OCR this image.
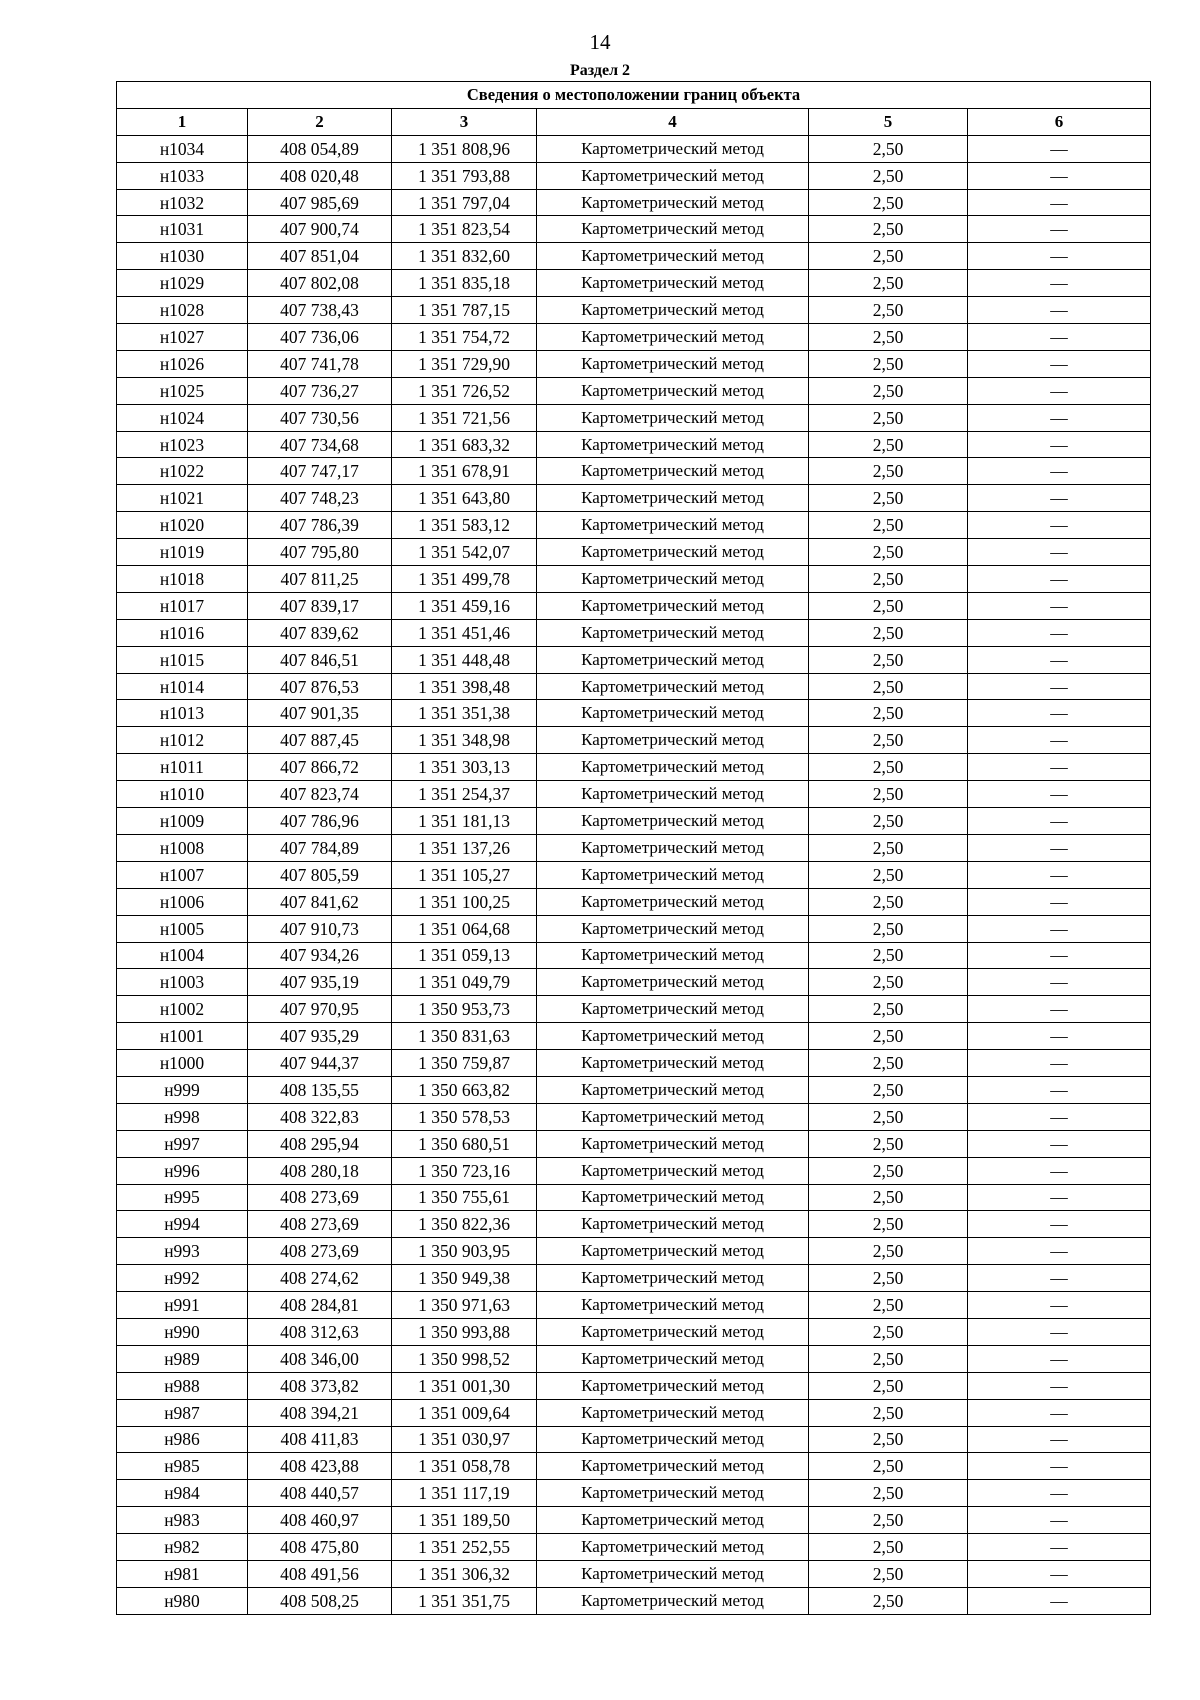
14
Раздел 2
Сведения о местоположении границ объекта					
1	2	3	4	5	6
н1034	408 054,89	1 351 808,96	Картометрический метод	2,50	—
н1033	408 020,48	1 351 793,88	Картометрический метод	2,50	—
н1032	407 985,69	1 351 797,04	Картометрический метод	2,50	—
н1031	407 900,74	1 351 823,54	Картометрический метод	2,50	—
н1030	407 851,04	1 351 832,60	Картометрический метод	2,50	—
н1029	407 802,08	1 351 835,18	Картометрический метод	2,50	—
н1028	407 738,43	1 351 787,15	Картометрический метод	2,50	—
н1027	407 736,06	1 351 754,72	Картометрический метод	2,50	—
н1026	407 741,78	1 351 729,90	Картометрический метод	2,50	—
н1025	407 736,27	1 351 726,52	Картометрический метод	2,50	—
н1024	407 730,56	1 351 721,56	Картометрический метод	2,50	—
н1023	407 734,68	1 351 683,32	Картометрический метод	2,50	—
н1022	407 747,17	1 351 678,91	Картометрический метод	2,50	—
н1021	407 748,23	1 351 643,80	Картометрический метод	2,50	—
н1020	407 786,39	1 351 583,12	Картометрический метод	2,50	—
н1019	407 795,80	1 351 542,07	Картометрический метод	2,50	—
н1018	407 811,25	1 351 499,78	Картометрический метод	2,50	—
н1017	407 839,17	1 351 459,16	Картометрический метод	2,50	—
н1016	407 839,62	1 351 451,46	Картометрический метод	2,50	—
н1015	407 846,51	1 351 448,48	Картометрический метод	2,50	—
н1014	407 876,53	1 351 398,48	Картометрический метод	2,50	—
н1013	407 901,35	1 351 351,38	Картометрический метод	2,50	—
н1012	407 887,45	1 351 348,98	Картометрический метод	2,50	—
н1011	407 866,72	1 351 303,13	Картометрический метод	2,50	—
н1010	407 823,74	1 351 254,37	Картометрический метод	2,50	—
н1009	407 786,96	1 351 181,13	Картометрический метод	2,50	—
н1008	407 784,89	1 351 137,26	Картометрический метод	2,50	—
н1007	407 805,59	1 351 105,27	Картометрический метод	2,50	—
н1006	407 841,62	1 351 100,25	Картометрический метод	2,50	—
н1005	407 910,73	1 351 064,68	Картометрический метод	2,50	—
н1004	407 934,26	1 351 059,13	Картометрический метод	2,50	—
н1003	407 935,19	1 351 049,79	Картометрический метод	2,50	—
н1002	407 970,95	1 350 953,73	Картометрический метод	2,50	—
н1001	407 935,29	1 350 831,63	Картометрический метод	2,50	—
н1000	407 944,37	1 350 759,87	Картометрический метод	2,50	—
н999	408 135,55	1 350 663,82	Картометрический метод	2,50	—
н998	408 322,83	1 350 578,53	Картометрический метод	2,50	—
н997	408 295,94	1 350 680,51	Картометрический метод	2,50	—
н996	408 280,18	1 350 723,16	Картометрический метод	2,50	—
н995	408 273,69	1 350 755,61	Картометрический метод	2,50	—
н994	408 273,69	1 350 822,36	Картометрический метод	2,50	—
н993	408 273,69	1 350 903,95	Картометрический метод	2,50	—
н992	408 274,62	1 350 949,38	Картометрический метод	2,50	—
н991	408 284,81	1 350 971,63	Картометрический метод	2,50	—
н990	408 312,63	1 350 993,88	Картометрический метод	2,50	—
н989	408 346,00	1 350 998,52	Картометрический метод	2,50	—
н988	408 373,82	1 351 001,30	Картометрический метод	2,50	—
н987	408 394,21	1 351 009,64	Картометрический метод	2,50	—
н986	408 411,83	1 351 030,97	Картометрический метод	2,50	—
н985	408 423,88	1 351 058,78	Картометрический метод	2,50	—
н984	408 440,57	1 351 117,19	Картометрический метод	2,50	—
н983	408 460,97	1 351 189,50	Картометрический метод	2,50	—
н982	408 475,80	1 351 252,55	Картометрический метод	2,50	—
н981	408 491,56	1 351 306,32	Картометрический метод	2,50	—
н980	408 508,25	1 351 351,75	Картометрический метод	2,50	—
